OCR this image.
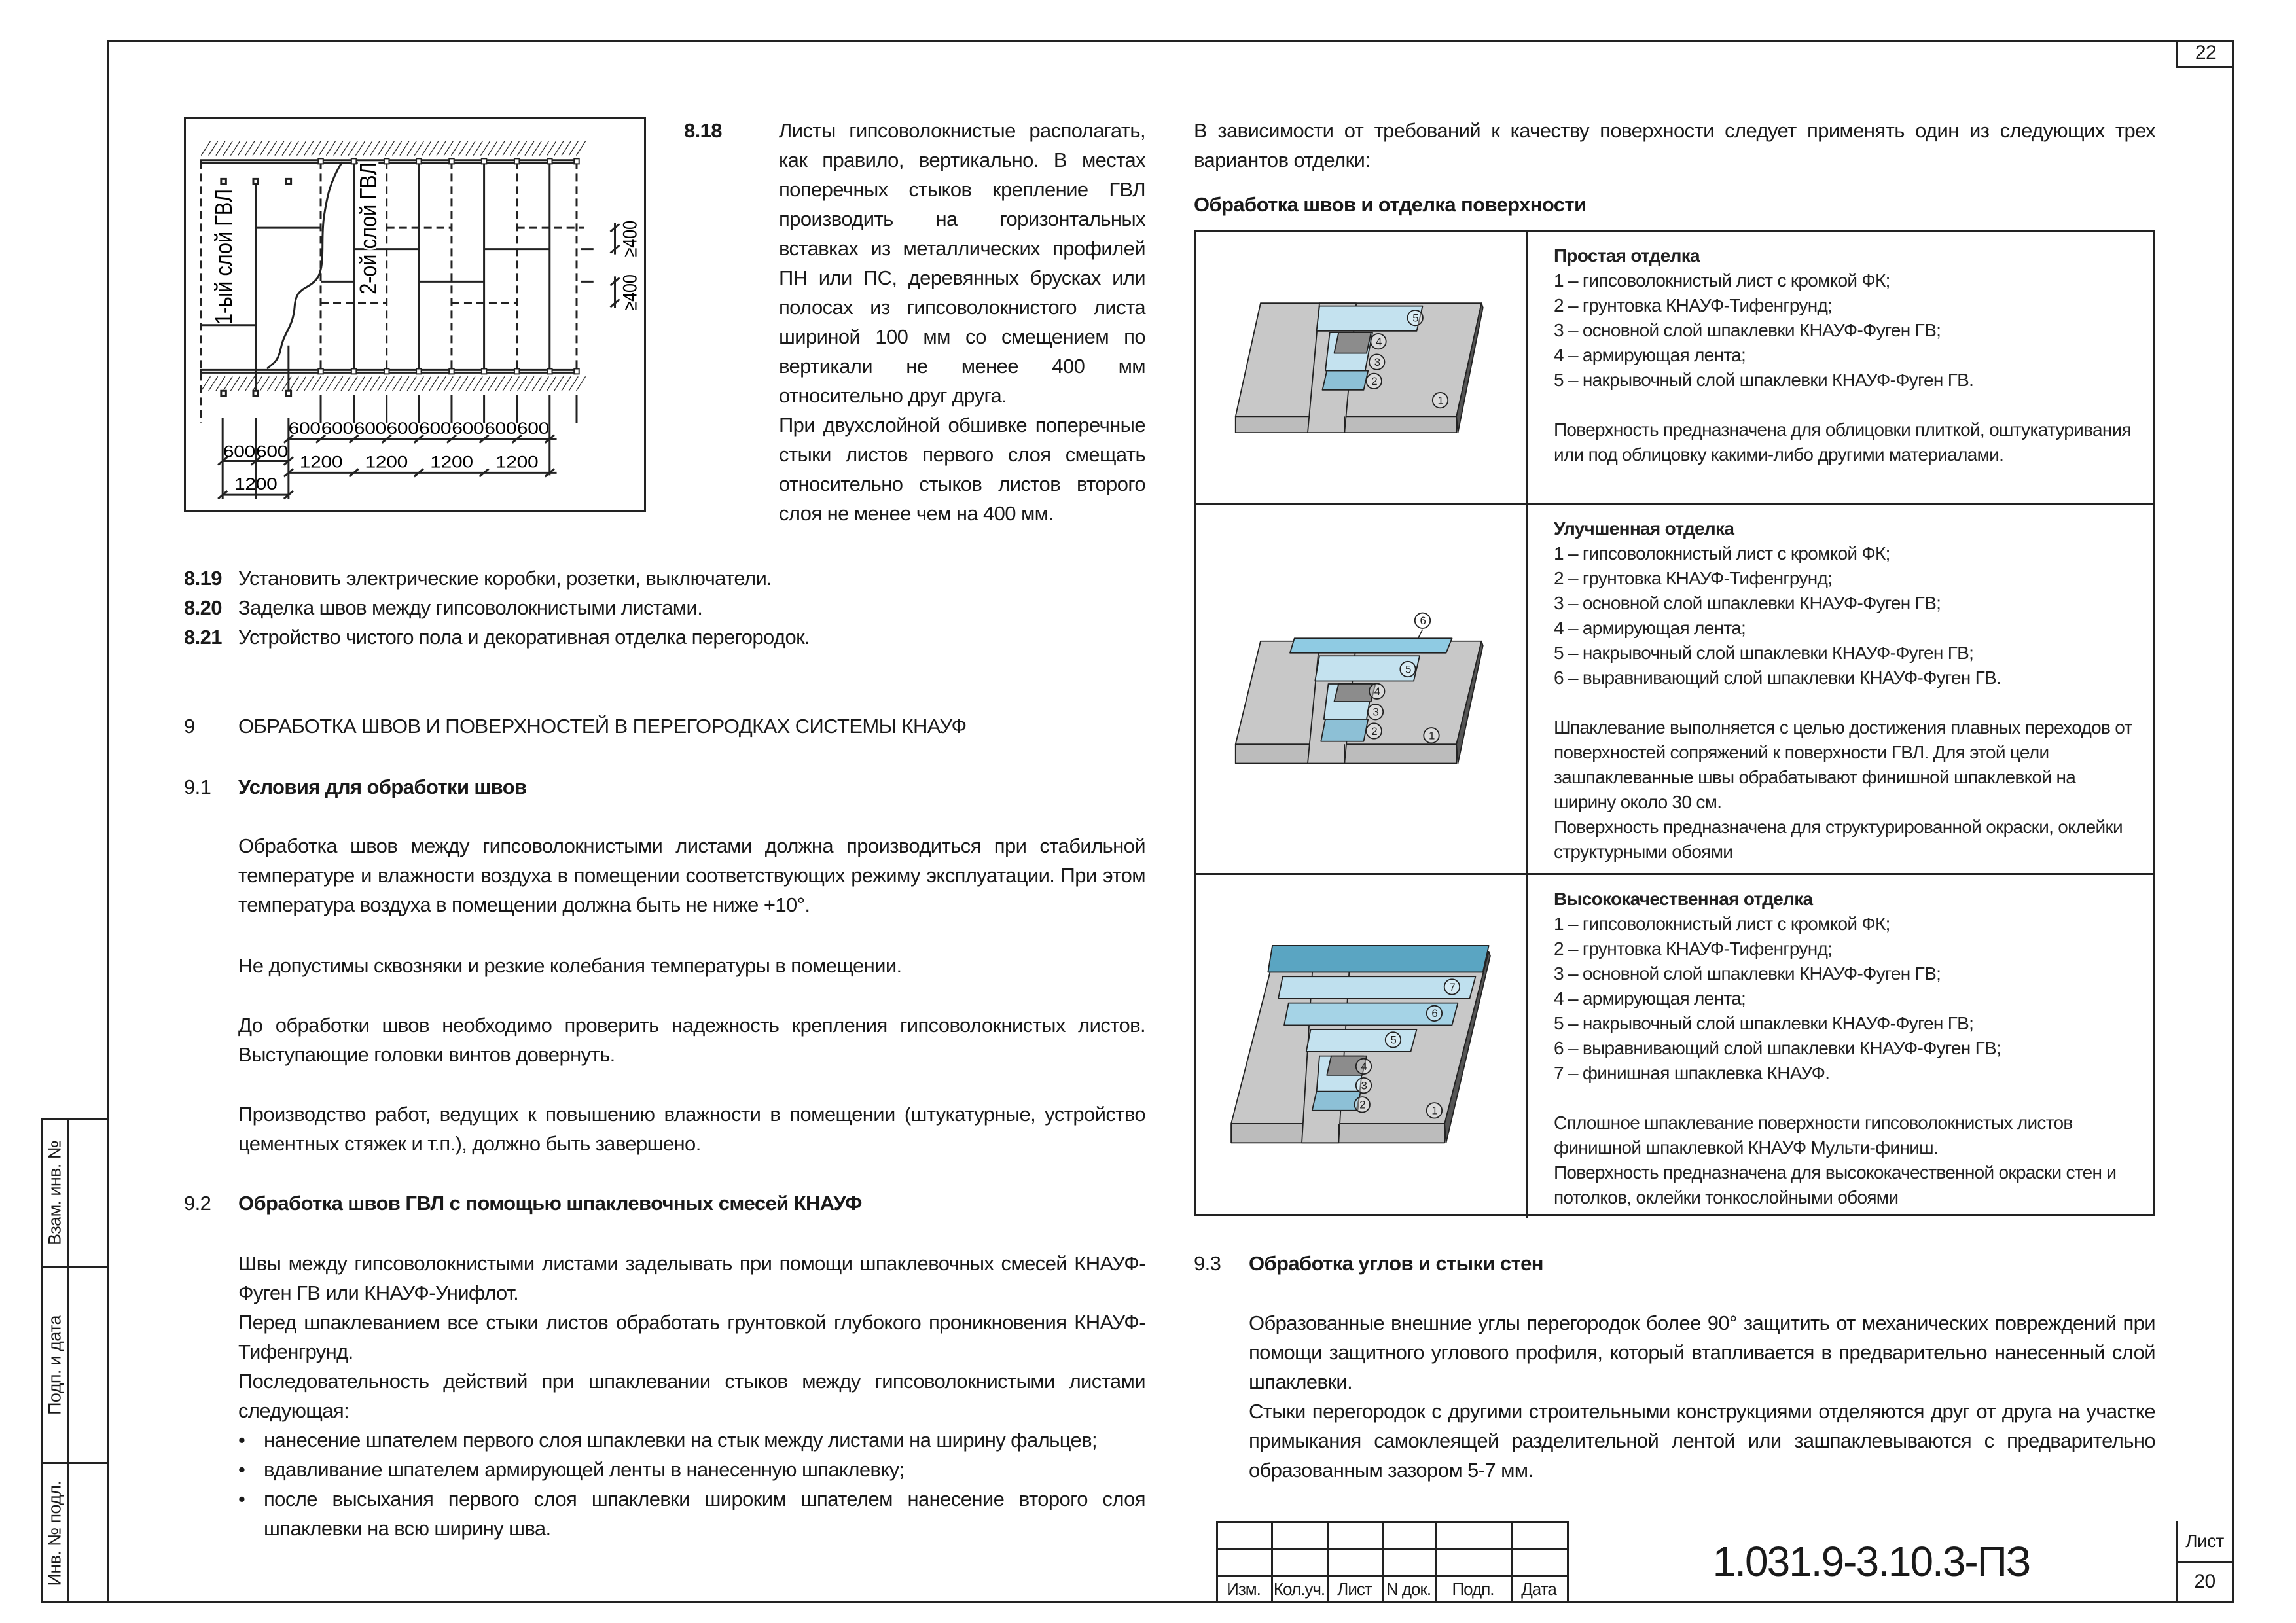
22
1-ый слой ГВЛ 2-ой слой ГВЛ	≥400
≥400
600 600 600 600 600 600 600 600
1200 1200 1200 1200
600 600
1200
8.18	Листы гипсоволокнистые располагать, как правило, вертикально. В местах поперечных стыков крепление ГВЛ производить на горизонтальных вставках из металлических профилей ПН или ПС, деревянных брусках или полосах из гипсоволокнистого листа шириной 100 мм со смещением по вертикали не менее 400 мм относительно друг друга.

При двухслойной обшивке поперечные стыки листов первого слоя смещать относительно стыков листов второго слоя не менее чем на 400 мм.

8.19 Установить электрические коробки, розетки, выключатели.
8.20 Заделка швов между гипсоволокнистыми листами.
8.21 Устройство чистого пола и декоративная отделка перегородок.
9 ОБРАБОТКА ШВОВ И ПОВЕРХНОСТЕЙ В ПЕРЕГОРОДКАХ СИСТЕМЫ КНАУФ
9.1 Условия для обработки швов

Обработка швов между гипсоволокнистыми листами должна производиться при стабильной температуре и влажности воздуха в помещении соответствующих режиму эксплуатации. При этом температура воздуха в помещении должна быть не ниже +10°.

Не допустимы сквозняки и резкие колебания температуры в помещении.

До обработки швов необходимо проверить надежность крепления гипсоволокнистых листов. Выступающие головки винтов довернуть.

Производство работ, ведущих к повышению влажности в помещении (штукатурные, устройство цементных стяжек и т.п.), должно быть завершено.

9.2 Обработка швов ГВЛ с помощью шпаклевочных смесей КНАУФ

Швы между гипсоволокнистыми листами заделывать при помощи шпаклевочных смесей КНАУФ-Фуген ГВ или КНАУФ-Унифлот.

Перед шпаклеванием все стыки листов обработать грунтовкой глубокого проникновения КНАУФ-Тифенгрунд.

Последовательность действий при шпаклевании стыков между гипсоволокнистыми листами следующая:

• нанесение шпателем первого слоя шпаклевки на стык между листами на ширину фальцев;
• вдавливание шпателем армирующей ленты в нанесенную шпаклевку;
• после высыхания первого слоя шпаклевки широким шпателем нанесение второго слоя шпаклевки на всю ширину шва.

В зависимости от требований к качеству поверхности следует применять один из следующих трех вариантов отделки:

Обработка швов и отделка поверхности
5
4
3
2
1
Простая отделка
1 – гипсоволокнистый лист с кромкой ФК;
2 – грунтовка КНАУФ-Тифенгрунд;
3 – основной слой шпаклевки КНАУФ-Фуген ГВ;
4 – армирующая лента;
5 – накрывочный слой шпаклевки КНАУФ-Фуген ГВ.
Поверхность предназначена для облицовки плиткой, оштукатуривания или под облицовку какими-либо другими материалами.
6
5
4
3
2	1
Улучшенная отделка
1 – гипсоволокнистый лист с кромкой ФК;
2 – грунтовка КНАУФ-Тифенгрунд;
3 – основной слой шпаклевки КНАУФ-Фуген ГВ;
4 – армирующая лента;
5 – накрывочный слой шпаклевки КНАУФ-Фуген ГВ;
6 – выравнивающий слой шпаклевки КНАУФ-Фуген ГВ.
Шпаклевание выполняется с целью достижения плавных переходов от поверхностей сопряжений к поверхности ГВЛ. Для этой цели зашпаклеванные швы обрабатывают финишной шпаклевкой на ширину около 30 см.
Поверхность предназначена для структурированной окраски, оклейки структурными обоями
7
6
5
4
3
2	1
Высококачественная отделка
1 – гипсоволокнистый лист с кромкой ФК;
2 – грунтовка КНАУФ-Тифенгрунд;
3 – основной слой шпаклевки КНАУФ-Фуген ГВ;
4 – армирующая лента;
5 – накрывочный слой шпаклевки КНАУФ-Фуген ГВ;
6 – выравнивающий слой шпаклевки КНАУФ-Фуген ГВ;
7 – финишная шпаклевка КНАУФ.
Сплошное шпаклевание поверхности гипсоволокнистых листов финишной шпаклевкой КНАУФ Мульти-финиш.
Поверхность предназначена для высококачественной окраски стен и потолков, оклейки тонкослойными обоями
9.3 Обработка углов и стыки стен

Образованные внешние углы перегородок более 90° защитить от механических повреждений при помощи защитного углового профиля, который втапливается в предварительно нанесенный слой шпаклевки.

Стыки перегородок с другими строительными конструкциями отделяются друг от друга на участке примыкания самоклеящей разделительной лентой или зашпаклевываются с предварительно образованным зазором 5-7 мм.

Взам. инв. №
Подп. и дата
Инв. № подл.
Изм. Кол.уч. Лист N док.	Подп.	Дата
1.031.9-3.10.3-ПЗ	Лист
20
